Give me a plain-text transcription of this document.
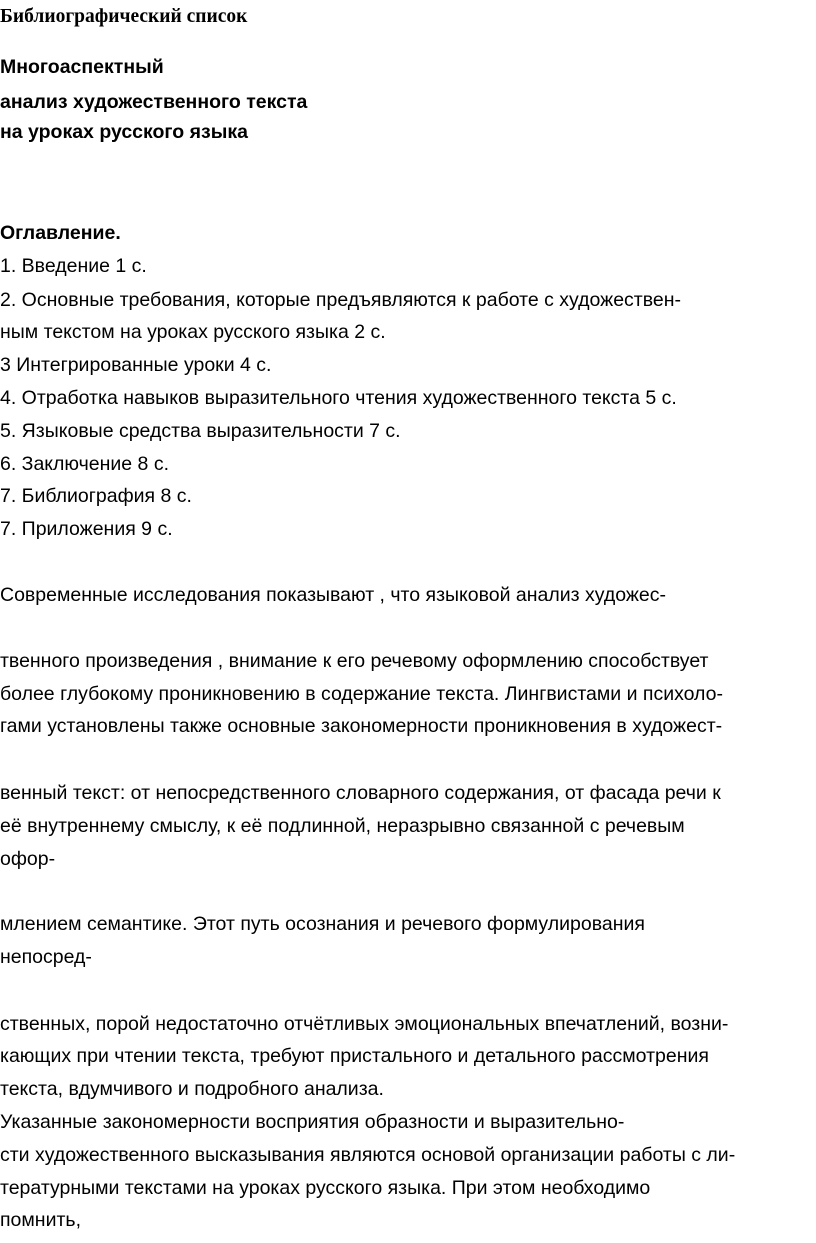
Библиографический список

Многоаспектный

анализ художественного текста

на уроках русского языка

Оглавление.

1. Введение 1 с.

2. Основные требования, которые предъявляются к работе с художествен-

ным текстом на уроках русского языка 2 с.

3 Интегрированные уроки 4 с.

4. Отработка навыков выразительного чтения художественного текста 5 с.

5. Языковые средства выразительности 7 с.

6. Заключение 8 с.

7. Библиография 8 с.

7. Приложения 9 с.

Современные исследования показывают , что языковой анализ художес-

твенного произведения , внимание к его речевому оформлению способствует

более глубокому проникновению в содержание текста. Лингвистами и психоло-

гами установлены также основные закономерности проникновения в художест-

венный текст: от непосредственного словарного содержания, от фасада речи к

её внутреннему смыслу, к её подлинной, неразрывно связанной с речевым

офор-

млением семантике. Этот путь осознания и речевого формулирования

непосред-

ственных, порой недостаточно отчётливых эмоциональных впечатлений, возни-

кающих при чтении текста, требуют пристального и детального рассмотрения

текста, вдумчивого и подробного анализа.

Указанные закономерности восприятия образности и выразительно-

сти художественного высказывания являются основой организации работы с ли-

тературными текстами на уроках русского языка. При этом необходимо

помнить,
